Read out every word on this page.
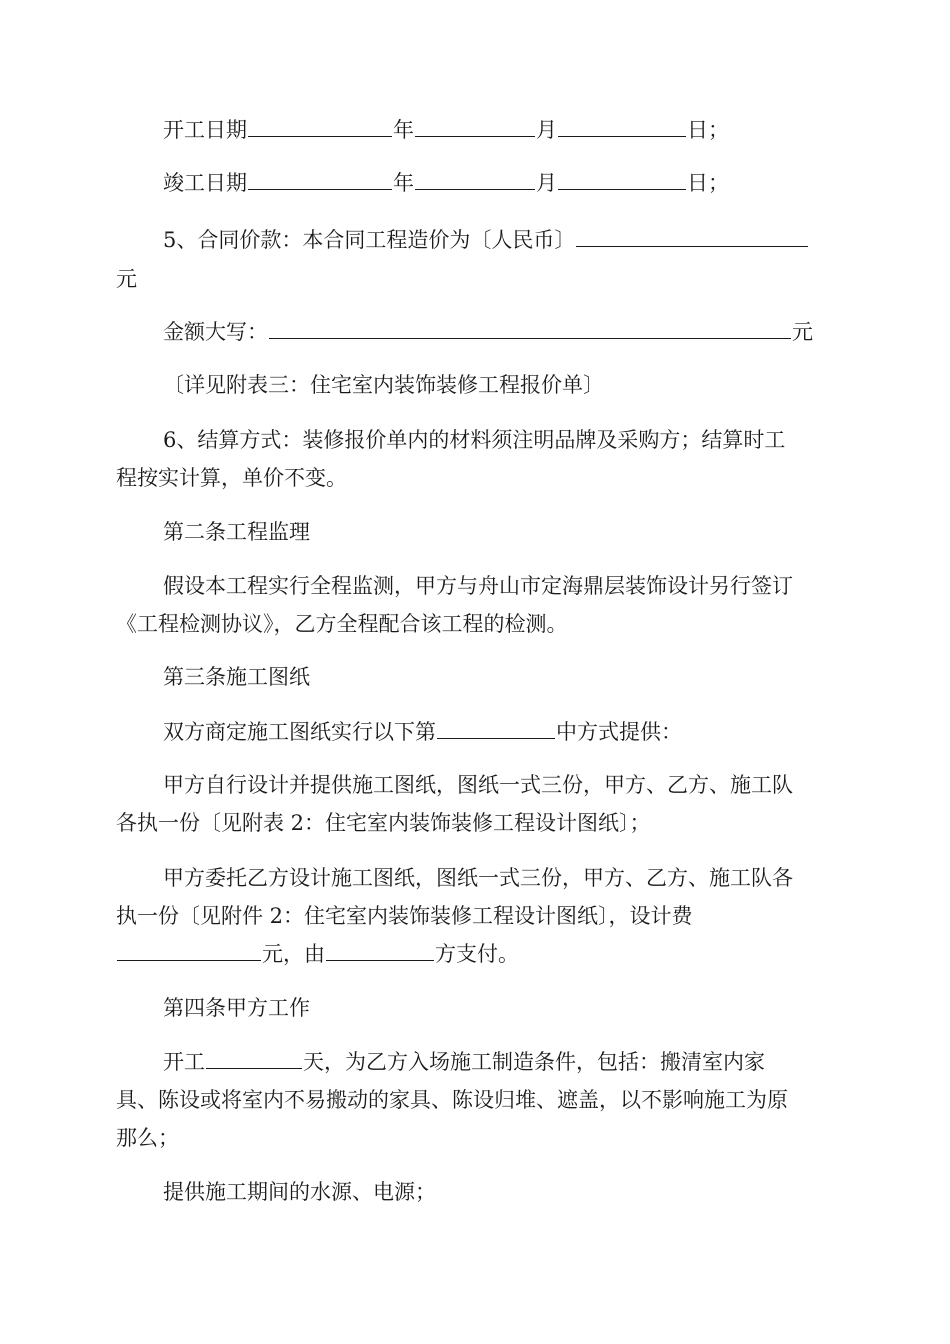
开工日期	年	月	日；
竣工日期	年	月	日；
5、合同价款：本合同工程造价为〔人民币〕
元
金额大写：	元
〔详见附表三：住宅室内装饰装修工程报价单〕
6、结算方式：装修报价单内的材料须注明品牌及采购方；结算时工
程按实计算，单价不变。
第二条工程监理
假设本工程实行全程监测，甲方与舟山市定海鼎层装饰设计另行签订
《工程检测协议》，乙方全程配合该工程的检测。
第三条施工图纸
双方商定施工图纸实行以下第	中方式提供：
甲方自行设计并提供施工图纸，图纸一式三份，甲方、乙方、施工队
各执一份〔见附表 2：住宅室内装饰装修工程设计图纸〕；
甲方委托乙方设计施工图纸，图纸一式三份，甲方、乙方、施工队各
执一份〔见附件 2：住宅室内装饰装修工程设计图纸〕，设计费
元，由	方支付。
第四条甲方工作
开工	天，为乙方入场施工制造条件，包括：搬清室内家
具、陈设或将室内不易搬动的家具、陈设归堆、遮盖，以不影响施工为原
那么；
提供施工期间的水源、电源；
